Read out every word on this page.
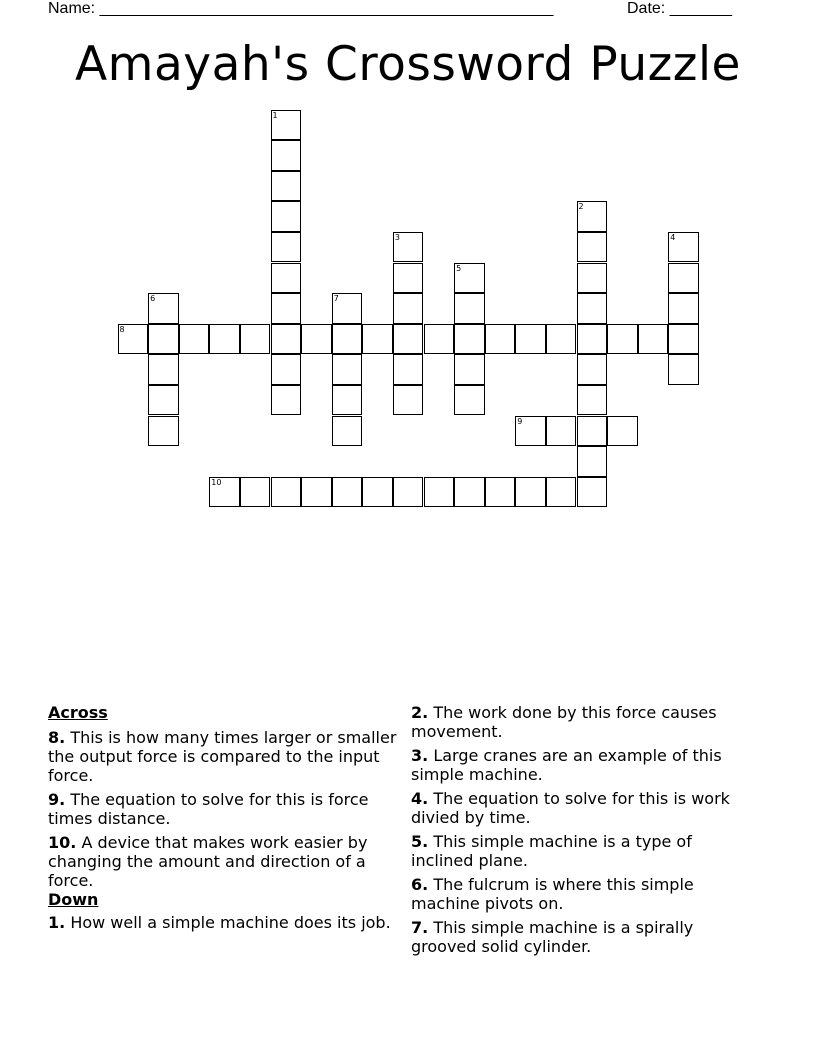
Name: ___________________________________________________	Date: _______
Amayah's Crossword Puzzle
1
2
3	4
5
6	7
8
9
10
Across
8. This is how many times larger or smaller the output force is compared to the input force.
9. The equation to solve for this is force times distance.
10. A device that makes work easier by changing the amount and direction of a force.
Down
1. How well a simple machine does its job.
2. The work done by this force causes movement.
3. Large cranes are an example of this simple machine.
4. The equation to solve for this is work divied by time.
5. This simple machine is a type of inclined plane.
6. The fulcrum is where this simple machine pivots on.
7. This simple machine is a spirally grooved solid cylinder.
